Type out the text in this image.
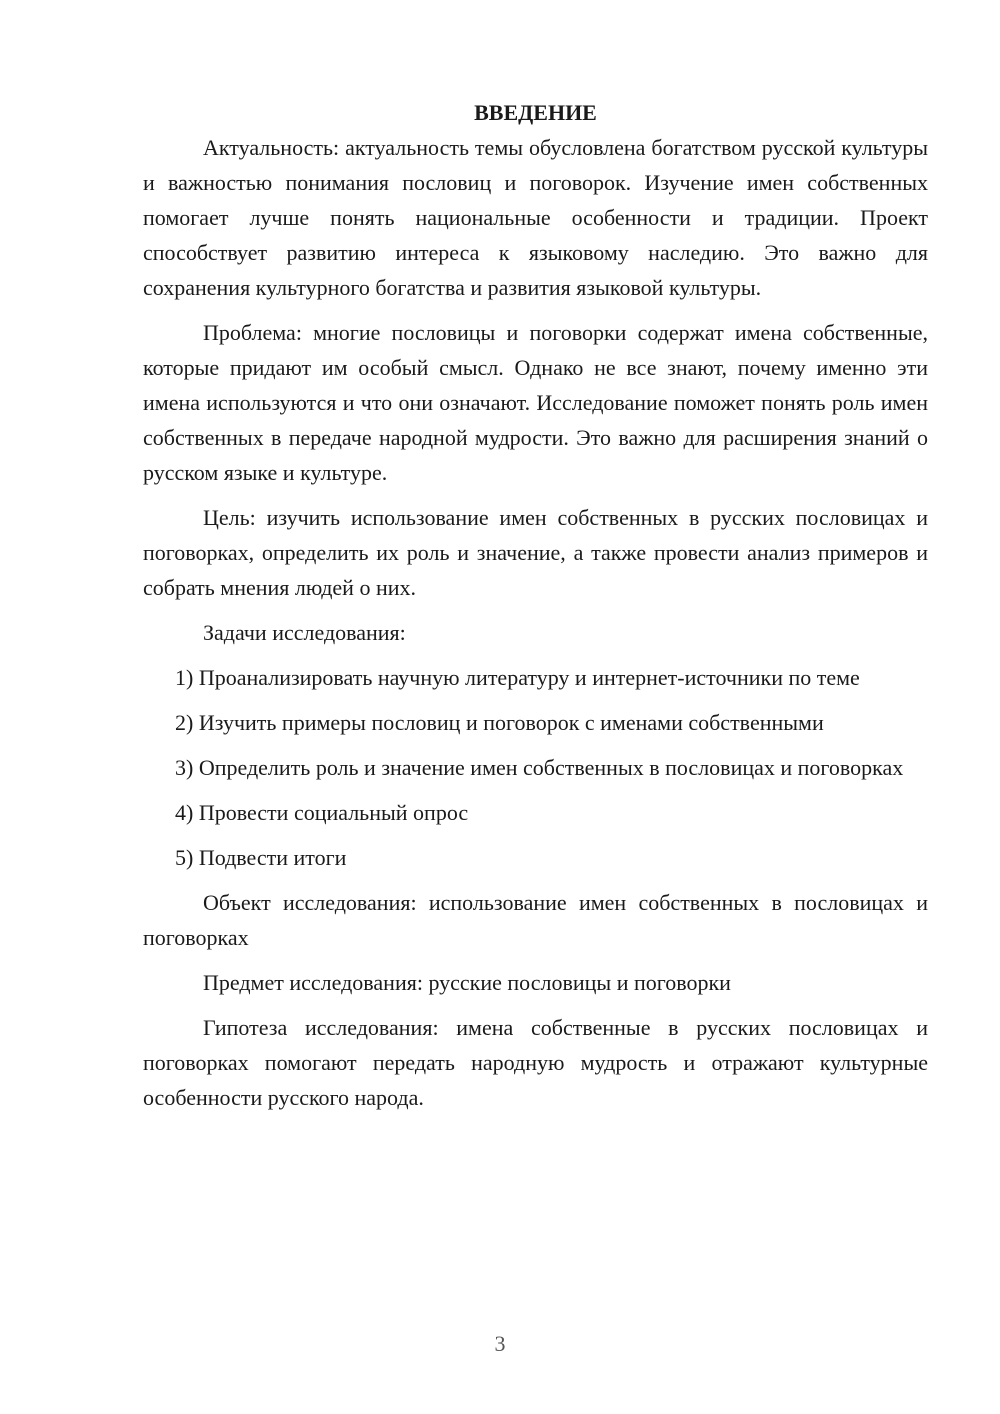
ВВЕДЕНИЕ

Актуальность: актуальность темы обусловлена богатством русской культуры и важностью понимания пословиц и поговорок. Изучение имен собственных помогает лучше понять национальные особенности и традиции. Проект способствует развитию интереса к языковому наследию. Это важно для сохранения культурного богатства и развития языковой культуры.

Проблема: многие пословицы и поговорки содержат имена собственные, которые придают им особый смысл. Однако не все знают, почему именно эти имена используются и что они означают. Исследование поможет понять роль имен собственных в передаче народной мудрости. Это важно для расширения знаний о русском языке и культуре.

Цель: изучить использование имен собственных в русских пословицах и поговорках, определить их роль и значение, а также провести анализ примеров и собрать мнения людей о них.

Задачи исследования:

1) Проанализировать научную литературу и интернет-источники по теме

2) Изучить примеры пословиц и поговорок с именами собственными

3) Определить роль и значение имен собственных в пословицах и поговорках

4) Провести социальный опрос

5) Подвести итоги

Объект исследования: использование имен собственных в пословицах и поговорках

Предмет исследования: русские пословицы и поговорки

Гипотеза исследования: имена собственные в русских пословицах и поговорках помогают передать народную мудрость и отражают культурные особенности русского народа.

3
